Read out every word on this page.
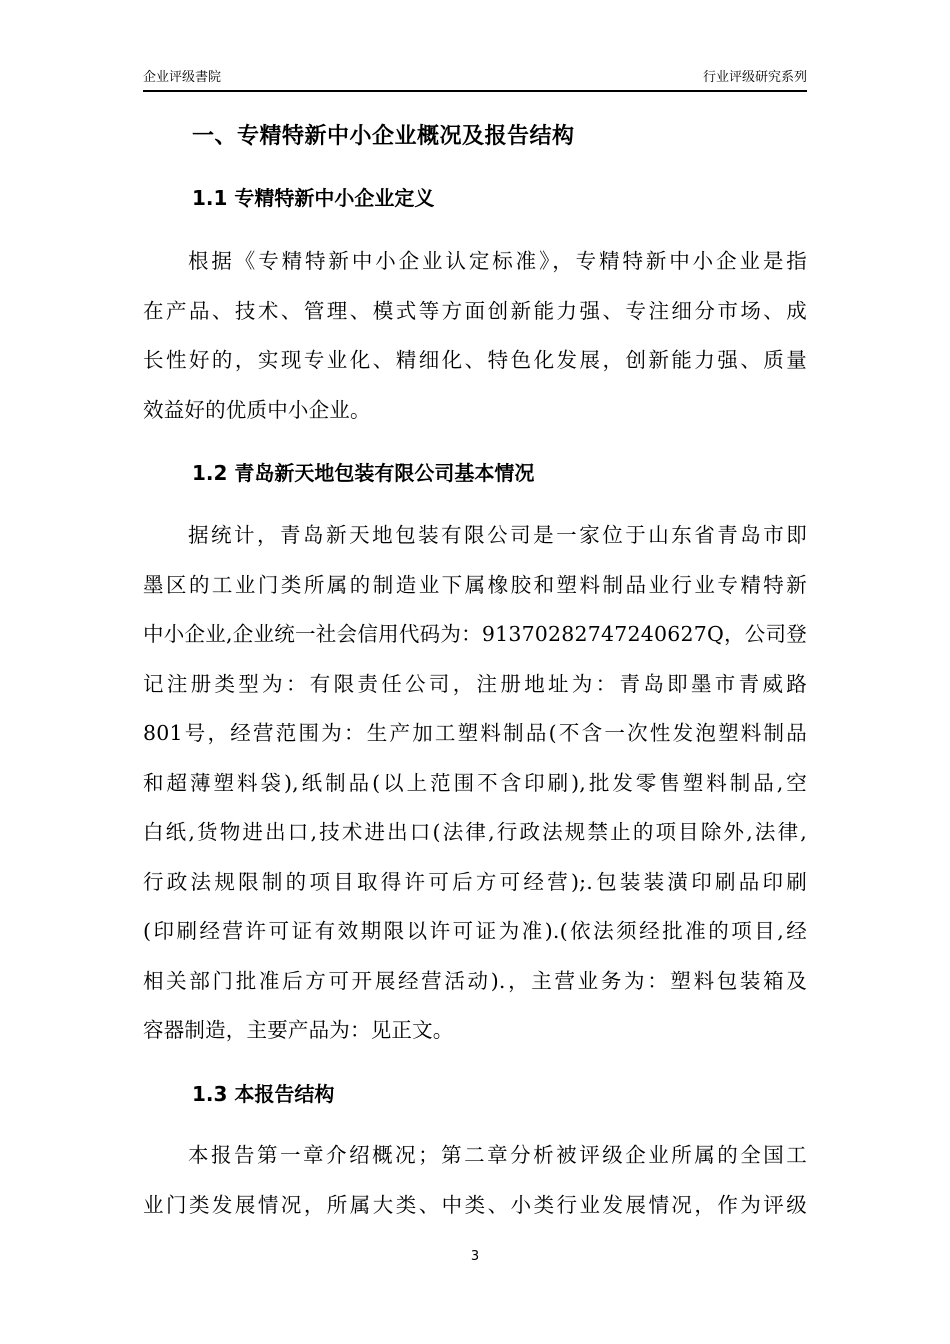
企业评级書院	行业评级研究系列
一、专精特新中小企业概况及报告结构
1.1 专精特新中小企业定义
根据《专精特新中小企业认定标准》，专精特新中小企业是指
在产品、技术、管理、模式等方面创新能力强、专注细分市场、成
长性好的，实现专业化、精细化、特色化发展，创新能力强、质量
效益好的优质中小企业。
1.2 青岛新天地包装有限公司基本情况
据统计，青岛新天地包装有限公司是一家位于山东省青岛市即
墨区的工业门类所属的制造业下属橡胶和塑料制品业行业专精特新
中小企业,企业统一社会信用代码为：91370282747240627Q，公司登
记注册类型为：有限责任公司，注册地址为：青岛即墨市青威路
801号，经营范围为：生产加工塑料制品(不含一次性发泡塑料制品
和超薄塑料袋),纸制品(以上范围不含印刷),批发零售塑料制品,空
白纸,货物进出口,技术进出口(法律,行政法规禁止的项目除外,法律,
行政法规限制的项目取得许可后方可经营);.包装装潢印刷品印刷
(印刷经营许可证有效期限以许可证为准).(依法须经批准的项目,经
相关部门批准后方可开展经营活动).，主营业务为：塑料包装箱及
容器制造，主要产品为：见正文。
1.3 本报告结构
本报告第一章介绍概况；第二章分析被评级企业所属的全国工
业门类发展情况，所属大类、中类、小类行业发展情况，作为评级
3
